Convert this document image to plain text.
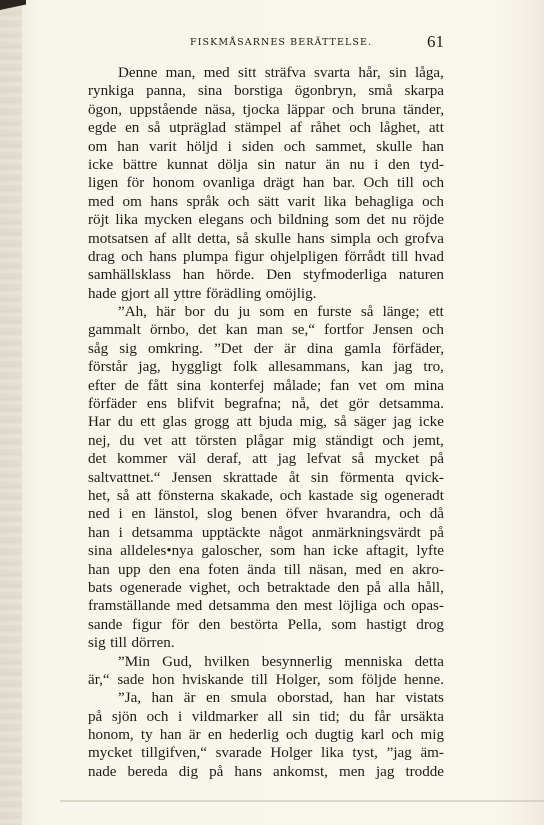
FISKMÅSARNES BERÄTTELSE.	61
Denne man, med sitt sträfva svarta hår, sin låga,
rynkiga panna, sina borstiga ögonbryn, små skarpa
ögon, uppstående näsa, tjocka läppar och bruna tänder,
egde en så utpräglad stämpel af råhet och låghet, att
om han varit höljd i siden och sammet, skulle han
icke bättre kunnat dölja sin natur än nu i den tyd-
ligen för honom ovanliga drägt han bar. Och till och
med om hans språk och sätt varit lika behagliga och
röjt lika mycken elegans och bildning som det nu röjde
motsatsen af allt detta, så skulle hans simpla och grofva
drag och hans plumpa figur ohjelpligen förrådt till hvad
samhällsklass han hörde. Den styfmoderliga naturen
hade gjort all yttre förädling omöjlig.
”Ah, här bor du ju som en furste så länge; ett
gammalt örnbo, det kan man se,“ fortfor Jensen och
såg sig omkring. ”Det der är dina gamla förfäder,
förstår jag, hyggligt folk allesammans, kan jag tro,
efter de fått sina konterfej målade; fan vet om mina
förfäder ens blifvit begrafna; nå, det gör detsamma.
Har du ett glas grogg att bjuda mig, så säger jag icke
nej, du vet att törsten plågar mig ständigt och jemt,
det kommer väl deraf, att jag lefvat så mycket på
saltvattnet.“ Jensen skrattade åt sin förmenta qvick-
het, så att fönsterna skakade, och kastade sig ogeneradt
ned i en länstol, slog benen öfver hvarandra, och då
han i detsamma upptäckte något anmärkningsvärdt på
sina alldeles•nya galoscher, som han icke aftagit, lyfte
han upp den ena foten ända till näsan, med en akro-
bats ogenerade vighet, och betraktade den på alla håll,
framställande med detsamma den mest löjliga och opas-
sande figur för den bestörta Pella, som hastigt drog
sig till dörren.
”Min Gud, hvilken besynnerlig menniska detta
är,“ sade hon hviskande till Holger, som följde henne.
”Ja, han är en smula oborstad, han har vistats
på sjön och i vildmarker all sin tid; du får ursäkta
honom, ty han är en hederlig och dugtig karl och mig
mycket tillgifven,“ svarade Holger lika tyst, ”jag äm-
nade bereda dig på hans ankomst, men jag trodde
